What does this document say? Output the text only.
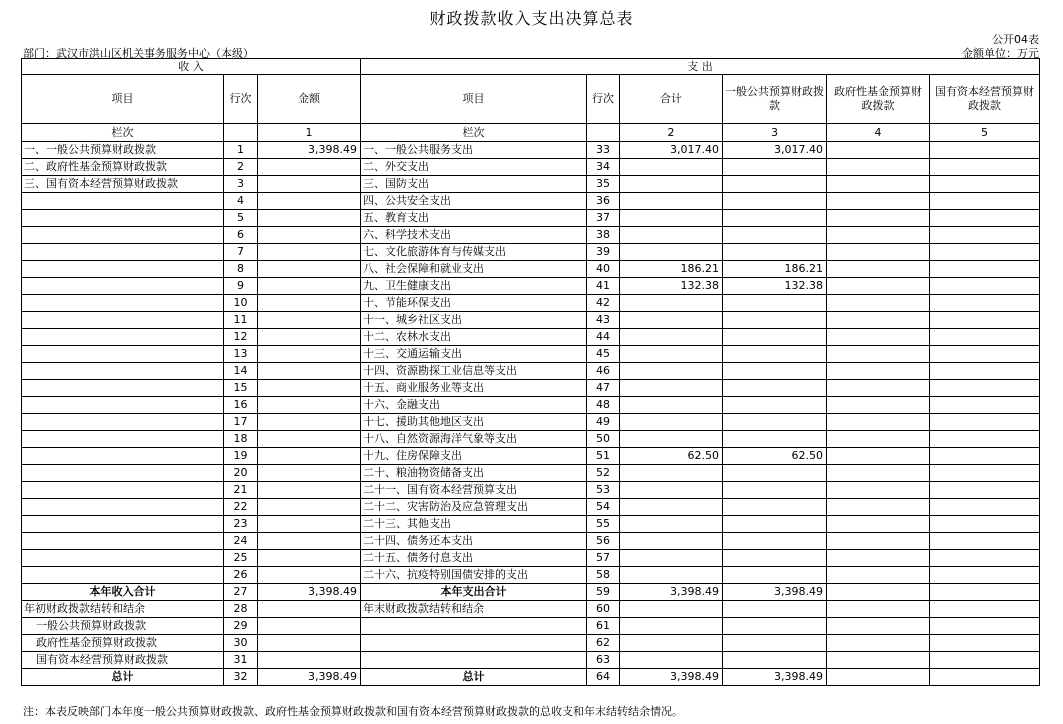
财政拨款收入支出决算总表
公开04表
部门：武汉市洪山区机关事务服务中心（本级）	金额单位：万元
收 入			支 出					
项目	行次	金额	项目	行次	合计	一般公共预算财政拨款	政府性基金预算财政拨款	国有资本经营预算财政拨款
栏次		1	栏次		2	3	4	5
一、一般公共预算财政拨款	1	3,398.49	一、一般公共服务支出	33	3,017.40	3,017.40		
二、政府性基金预算财政拨款	2		二、外交支出	34				
三、国有资本经营预算财政拨款	3		三、国防支出	35				
	4		四、公共安全支出	36				
	5		五、教育支出	37				
	6		六、科学技术支出	38				
	7		七、文化旅游体育与传媒支出	39				
	8		八、社会保障和就业支出	40	186.21	186.21		
	9		九、卫生健康支出	41	132.38	132.38		
	10		十、节能环保支出	42				
	11		十一、城乡社区支出	43				
	12		十二、农林水支出	44				
	13		十三、交通运输支出	45				
	14		十四、资源勘探工业信息等支出	46				
	15		十五、商业服务业等支出	47				
	16		十六、金融支出	48				
	17		十七、援助其他地区支出	49				
	18		十八、自然资源海洋气象等支出	50				
	19		十九、住房保障支出	51	62.50	62.50		
	20		二十、粮油物资储备支出	52				
	21		二十一、国有资本经营预算支出	53				
	22		二十二、灾害防治及应急管理支出	54				
	23		二十三、其他支出	55				
	24		二十四、债务还本支出	56				
	25		二十五、债务付息支出	57				
	26		二十六、抗疫特别国债安排的支出	58				
本年收入合计	27	3,398.49	本年支出合计	59	3,398.49	3,398.49		
年初财政拨款结转和结余	28		年末财政拨款结转和结余	60				
一般公共预算财政拨款	29			61				
政府性基金预算财政拨款	30			62				
国有资本经营预算财政拨款	31			63				
总计	32	3,398.49	总计	64	3,398.49	3,398.49		
注：本表反映部门本年度一般公共预算财政拨款、政府性基金预算财政拨款和国有资本经营预算财政拨款的总收支和年末结转结余情况。
